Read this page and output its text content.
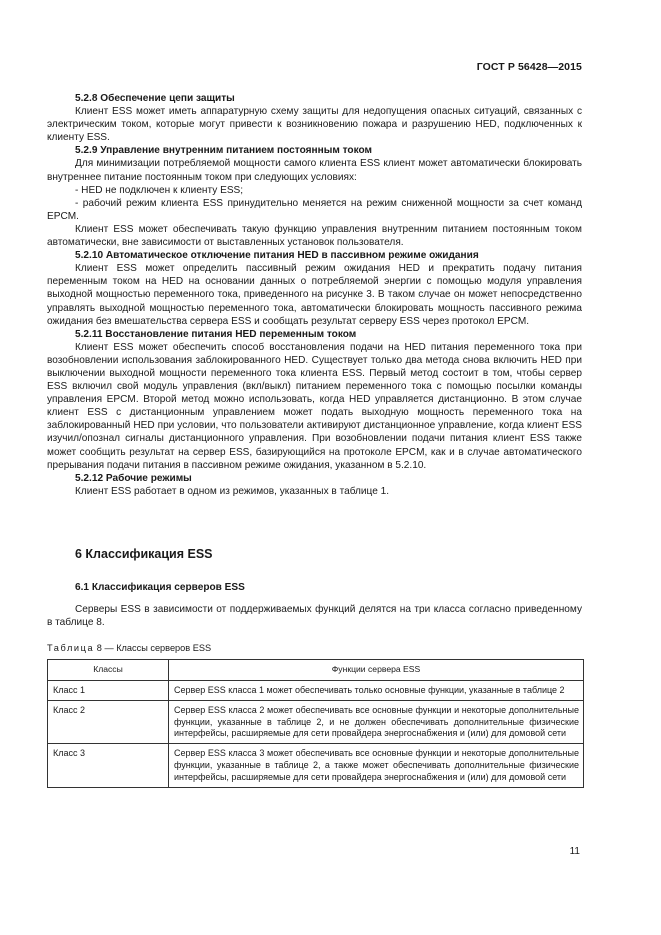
ГОСТ Р 56428—2015
5.2.8 Обеспечение цепи защиты

Клиент ESS может иметь аппаратурную схему защиты для недопущения опасных ситуаций, связанных с электрическим током, которые могут привести к возникновению пожара и разрушению HED, подключенных к клиенту ESS.

5.2.9 Управление внутренним питанием постоянным током

Для минимизации потребляемой мощности самого клиента ESS клиент может автоматически блокировать внутреннее питание постоянным током при следующих условиях:

- HED не подключен к клиенту ESS;

- рабочий режим клиента ESS принудительно меняется на режим сниженной мощности за счет команд EPCM.

Клиент ESS может обеспечивать такую функцию управления внутренним питанием постоянным током автоматически, вне зависимости от выставленных установок пользователя.

5.2.10 Автоматическое отключение питания HED в пассивном режиме ожидания

Клиент ESS может определить пассивный режим ожидания HED и прекратить подачу питания переменным током на HED на основании данных о потребляемой энергии с помощью модуля управления выходной мощностью переменного тока, приведенного на рисунке 3. В таком случае он может непосредственно управлять выходной мощностью переменного тока, автоматически блокировать мощность пассивного режима ожидания без вмешательства сервера ESS и сообщать результат серверу ESS через протокол EPCM.

5.2.11 Восстановление питания HED переменным током

Клиент ESS может обеспечить способ восстановления подачи на HED питания переменного тока при возобновлении использования заблокированного HED. Существует только два метода снова включить HED при выключении выходной мощности переменного тока клиента ESS. Первый метод состоит в том, чтобы сервер ESS включил свой модуль управления (вкл/выкл) питанием переменного тока с помощью посылки команды управления EPCM. Второй метод можно использовать, когда HED управляется дистанционно. В этом случае клиент ESS с дистанционным управлением может подать выходную мощность переменного тока на заблокированный HED при условии, что пользователи активируют дистанционное управление, когда клиент ESS изучил/опознал сигналы дистанционного управления. При возобновлении подачи питания клиент ESS также может сообщить результат на сервер ESS, базирующийся на протоколе EPCM, как и в случае автоматического прерывания подачи питания в пассивном режиме ожидания, указанном в 5.2.10.

5.2.12 Рабочие режимы

Клиент ESS работает в одном из режимов, указанных в таблице 1.

6 Классификация ESS
6.1 Классификация серверов ESS

Серверы ESS в зависимости от поддерживаемых функций делятся на три класса согласно приведенному в таблице 8.

Таблица 8 — Классы серверов ESS
Классы	Функции сервера ESS
Класс 1	Сервер ESS класса 1 может обеспечивать только основные функции, указанные в таблице 2
Класс 2	Сервер ESS класса 2 может обеспечивать все основные функции и некоторые дополнительные функции, указанные в таблице 2, и не должен обеспечивать дополнительные физические интерфейсы, расширяемые для сети провайдера энергоснабжения и (или) для домовой сети
Класс 3	Сервер ESS класса 3 может обеспечивать все основные функции и некоторые дополнительные функции, указанные в таблице 2, а также может обеспечивать дополнительные физические интерфейсы, расширяемые для сети провайдера энергоснабжения и (или) для домовой сети
11
